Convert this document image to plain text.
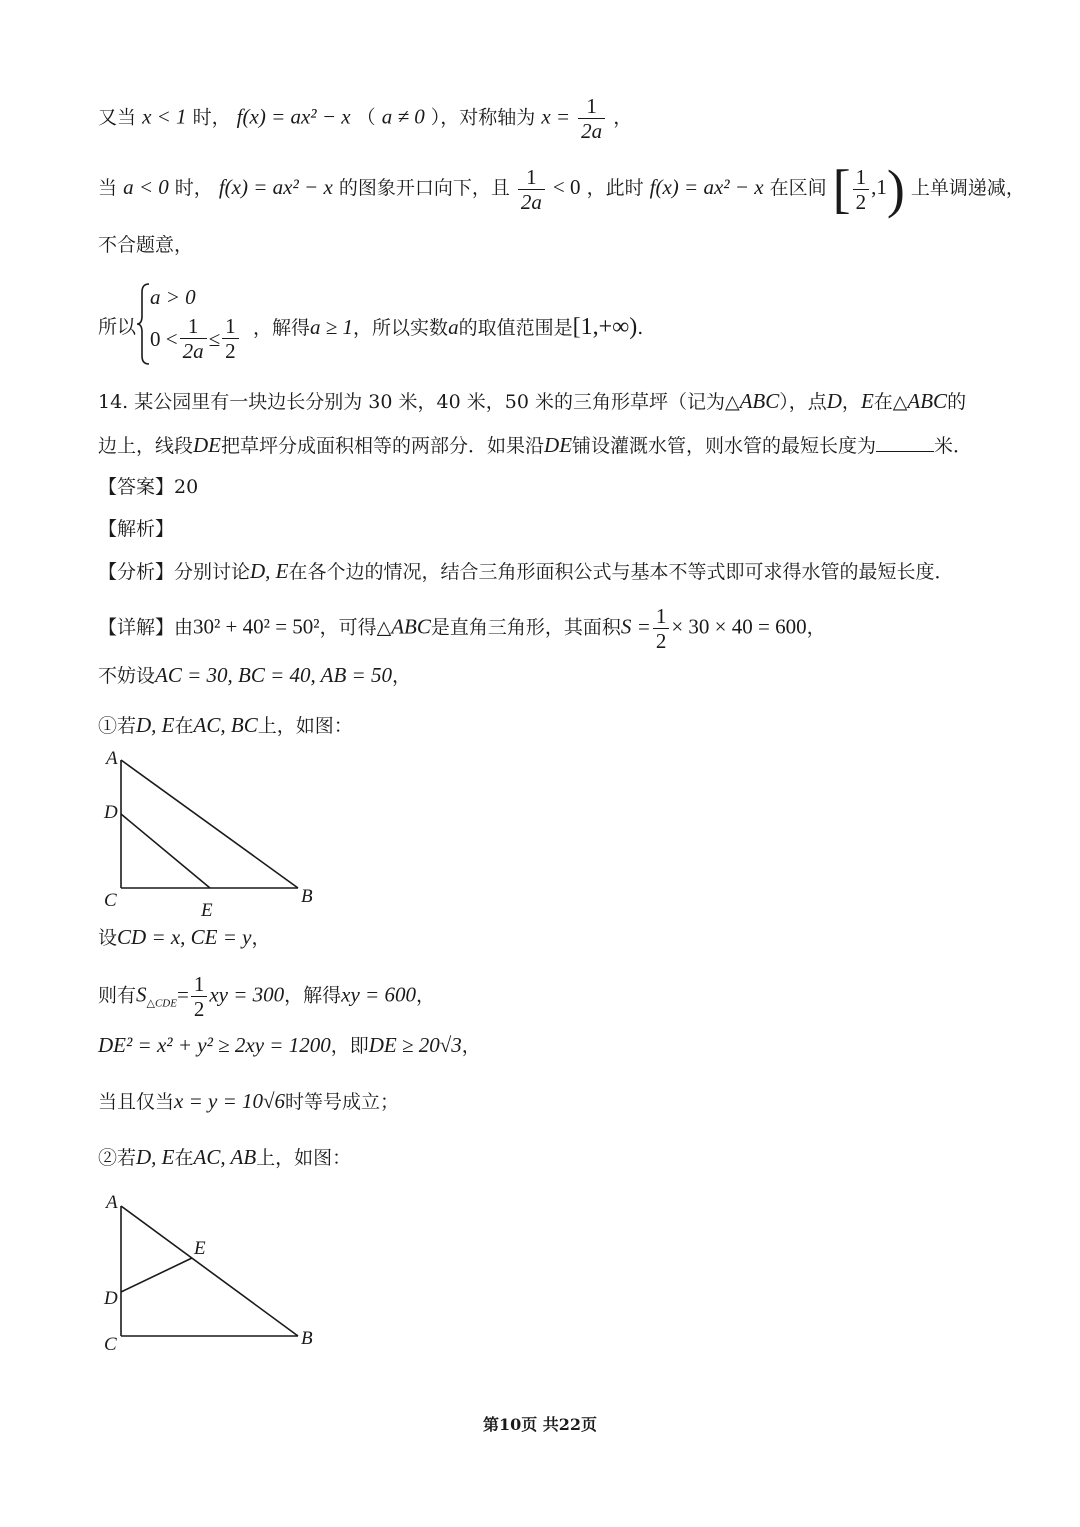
又当 x < 1 时， f(x) = ax² − x （ a ≠ 0 ），对称轴为 $x = \frac{1}{2a}$ ，
当 a < 0 时， f(x) = ax² − x 的图象开口向下，且 $\frac{1}{2a} < 0$ ，此时 f(x) = ax² − x 在区间 [ $\frac{1}{2} ,1$) 上单调递减，
不合题意，
所以
a > 0
$0 < \frac{1}{2a} \le \frac{1}{2}$ ，解得a ≥ 1，所以实数a的取值范围是[1,+∞).
14. 某公园里有一块边长分别为 30 米，40 米，50 米的三角形草坪（记为△ABC），点D，E在△ABC的
边上，线段DE把草坪分成面积相等的两部分．如果沿DE铺设灌溉水管，则水管的最短长度为	米．
【答案】20
【解析】
【分析】分别讨论D, E在各个边的情况，结合三角形面积公式与基本不等式即可求得水管的最短长度．
【详解】由30² + 40² = 50²，可得△ABC是直角三角形，其面积$S = \frac{1}{2} \times 30 \times 40 = 600$，
不妨设AC = 30, BC = 40, AB = 50，
①若D, E在AC, BC上，如图：
A
D
C	E
B
设CD = x, CE = y，
则有$S_{\triangle CDE}= \frac{1}{2}$ xy = 300，解得xy = 600，
DE² = x² + y² ≥ 2xy = 1200，即DE ≥ 20√3，
当且仅当x = y = 10√6时等号成立；
②若D, E在AC, AB上，如图：
A
E
D
C	B
第10页 共22页
